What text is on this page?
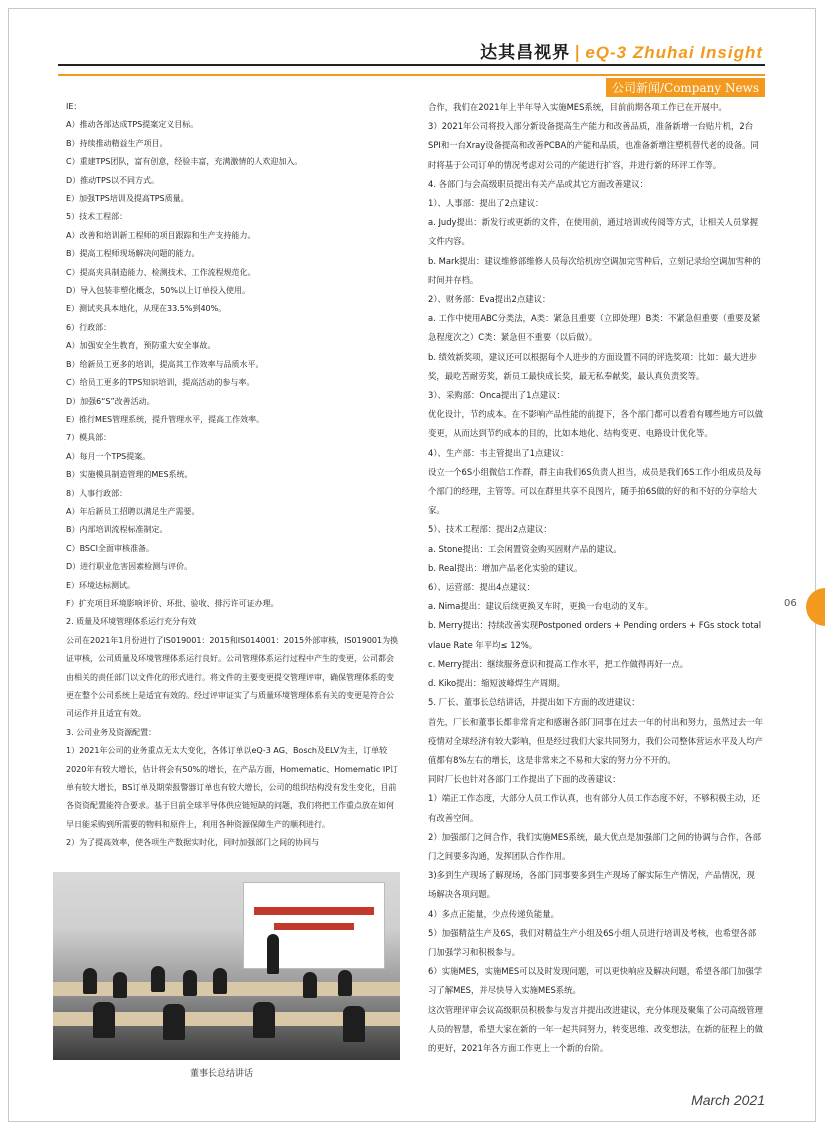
达其昌视界 | eQ-3 Zhuhai Insight
公司新闻/Company News

IE：

A）推动各部达成TPS提案定义目标。

B）持续推动精益生产项目。

C）重建TPS团队，富有创意，经验丰富，充满激情的人欢迎加入。

D）推动TPS以不同方式。

E）加强TPS培训及提高TPS质量。

5）技术工程部：

A）改善和培训新工程师的项目跟踪和生产支持能力。

B）提高工程师现场解决问题的能力。

C）提高夹具制造能力、检测技术、工作流程规范化。

D）导入包装非塑化概念，50%以上订单投入使用。

E）测试夹具本地化，从现在33.5%到40%。

6）行政部：

A）加强安全生教育，预防重大安全事故。

B）给新员工更多的培训，提高其工作效率与品质水平。

C）给员工更多的TPS知识培训，提高活动的参与率。

D）加强6“S”改善活动。

E）推行MES管理系统，提升管理水平，提高工作效率。

7）模具部：

A）每月一个TPS提案。

B）实施模具制造管理的MES系统。

8）人事行政部：

A）年后新员工招聘以满足生产需要。

B）内部培训流程标准制定。

C）BSCI全面审核准备。

D）进行职业危害因素检测与评价。

E）环境达标测试。

F）扩充项目环境影响评价、环批、验收、排污许可证办理。

2. 质量及环境管理体系运行充分有效

公司在2021年1月份进行了IS019001：2015和IS014001：2015外部审核，IS019001为换证审核，公司质量及环境管理体系运行良好。公司管理体系运行过程中产生的变更，公司都会由相关的责任部门以文件化的形式进行。将文件的主要变更提交管理评审，确保管理体系的变更在整个公司系统上是适宜有效的。经过评审证实了与质量环境管理体系有关的变更是符合公司运作并且适宜有效。

3. 公司业务及资源配置：

1）2021年公司的业务重点无太大变化，各体订单以eQ-3 AG、Bosch及ELV为主，订单较2020年有较大增长，估计将会有50%的增长，在产品方面，Homematic、Homematic IP订单有较大增长，BS订单及期荣报警器订单也有较大增长，公司的组织结构没有发生变化，目前各资资配置能符合要求。基于目前全球半导体供应链短缺的问题，我们将把工作重点放在如何早日能采购到所需要的物料和原件上，利用各种资源保障生产的顺利进行。

2）为了提高效率，使各项生产数据实时化，同时加强部门之间的协同与

合作，我们在2021年上半年导入实施MES系统，目前前期各项工作已在开展中。

3）2021年公司将投入部分新设备提高生产能力和改善品质，准备新增一台贴片机，2台SPI和一台Xray设备提高和改善PCBA的产能和品质，也准备新增注塑机替代老的设备。同时将基于公司订单的情况考虑对公司的产能进行扩容，并进行新的环评工作等。

4. 各部门与会高级职员提出有关产品或其它方面改善建议：

1）、人事部：提出了2点建议：

a. Judy提出：新发行或更新的文件，在使用前，通过培训或传阅等方式，让相关人员掌握文件内容。

b. Mark提出：建议维修部维修人员每次给机房空调加完雪种后，立刻记录给空调加雪种的时间并存档。

2）、财务部：Eva提出2点建议：

a. 工作中使用ABC分类法，A类：紧急且重要（立即处理）B类：不紧急但重要（重要及紧急程度次之）C类：紧急但不重要（以后做）。

b. 绩效新奖项，建议还可以根据每个人进步的方面设置不同的评选奖项：比如：最大进步奖，最吃苦耐劳奖，新员工最快成长奖，最无私奉献奖，最认真负责奖等。

3）、采购部：Onca提出了1点建议：

优化设计，节约成本。在不影响产品性能的前提下，各个部门都可以看看有哪些地方可以做变更，从而达到节约成本的目的，比如本地化、结构变更、电路设计优化等。

4）、生产部：韦主管提出了1点建议：

设立一个6S小组微信工作群，群主由我们6S负责人担当，成员是我们6S工作小组成员及每个部门的经理，主管等。可以在群里共享不良图片，随手拍6S做的好的和不好的分享给大家。

5）、技术工程部：提出2点建议：

a. Stone提出：工会闲置资金购买固财产品的建议。

b. Real提出：增加产品老化实验的建议。

6）、运营部：提出4点建议：

a. Nima提出：建议后续更换叉车时，更换一台电动的叉车。

b. Merry提出：持续改善实现Postponed orders + Pending orders + FGs stock total vlaue Rate 年平均≤ 12%。

c. Merry提出：继续服务意识和提高工作水平，把工作做得再好一点。

d. Kiko提出：缩短波峰焊生产周期。

5. 厂长、董事长总结讲话，并提出如下方面的改进建议：

首先，厂长和董事长都非常肯定和感谢各部门同事在过去一年的付出和努力，虽然过去一年疫情对全球经济有较大影响，但是经过我们大家共同努力，我们公司整体营运水平及人均产值都有8%左右的增长，这是非常来之不易和大家的努力分不开的。

同时厂长也针对各部门工作提出了下面的改善建议：

1）端正工作态度，大部分人员工作认真，也有部分人员工作态度不好，不够积极主动，还有改善空间。

2）加强部门之间合作，我们实施MES系统，最大优点是加强部门之间的协调与合作，各部门之间要多沟通，发挥团队合作作用。

3)多到生产现场了解现场，各部门同事要多到生产现场了解实际生产情况，产品情况，现场解决各项问题。

4）多点正能量，少点传递负能量。

5）加强精益生产及6S，我们对精益生产小组及6S小组人员进行培训及考核，也希望各部门加强学习和积极参与。

6）实施MES，实施MES可以及时发现问题，可以更快响应及解决问题，希望各部门加强学习了解MES，并尽快导入实施MES系统。

这次管理评审会议高级职员积极参与发言并提出改进建议，充分体现及聚集了公司高级管理人员的智慧，希望大家在新的一年一起共同努力，转变思维、改变想法，在新的征程上的做的更好，2021年各方面工作更上一个新的台阶。

董事长总结讲话
06
March 2021
